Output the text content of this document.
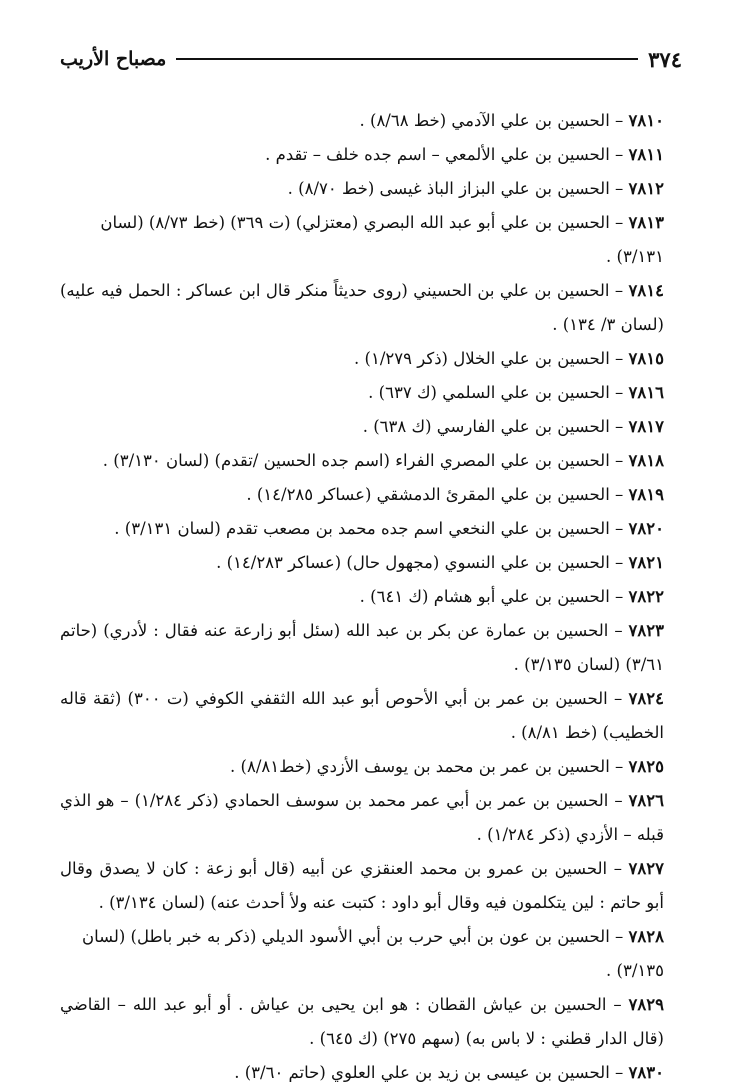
٣٧٤
مصباح الأريب

٧٨١٠ – الحسين بن علي الآدمي (خط ٨/٦٨) .

٧٨١١ – الحسين بن علي الألمعي – اسم جده خلف – تقدم .

٧٨١٢ – الحسين بن علي البزاز الباذ غيسى (خط ٨/٧٠) .

٧٨١٣ – الحسين بن علي أبو عبد الله البصري (معتزلي) (ت ٣٦٩) (خط ٨/٧٣) (لسان ٣/١٣١) .

٧٨١٤ – الحسين بن علي بن الحسيني (روى حديثاً منكر قال ابن عساكر : الحمل فيه عليه) (لسان ٣/ ١٣٤) .

٧٨١٥ – الحسين بن علي الخلال (ذكر ١/٢٧٩) .

٧٨١٦ – الحسين بن علي السلمي (ك ٦٣٧) .

٧٨١٧ – الحسين بن علي الفارسي (ك ٦٣٨) .

٧٨١٨ – الحسين بن علي المصري الفراء (اسم جده الحسين /تقدم) (لسان ٣/١٣٠) .

٧٨١٩ – الحسين بن علي المقرئ الدمشقي (عساكر ١٤/٢٨٥) .

٧٨٢٠ – الحسين بن علي النخعي اسم جده محمد بن مصعب تقدم (لسان ٣/١٣١) .

٧٨٢١ – الحسين بن علي النسوي (مجهول حال) (عساكر ١٤/٢٨٣) .

٧٨٢٢ – الحسين بن علي أبو هشام (ك ٦٤١) .

٧٨٢٣ – الحسين بن عمارة عن بكر بن عبد الله (سئل أبو زارعة عنه فقال : لأدري) (حاتم ٣/٦١) (لسان ٣/١٣٥) .

٧٨٢٤ – الحسين بن عمر بن أبي الأحوص أبو عبد الله الثقفي الكوفي (ت ٣٠٠) (ثقة قاله الخطيب) (خط ٨/٨١) .

٧٨٢٥ – الحسين بن عمر بن محمد بن يوسف الأزدي (خط٨/٨١) .

٧٨٢٦ – الحسين بن عمر بن أبي عمر محمد بن سوسف الحمادي (ذكر ١/٢٨٤) – هو الذي قبله – الأزدي (ذكر ١/٢٨٤) .

٧٨٢٧ – الحسين بن عمرو بن محمد العنقزي عن أبيه (قال أبو زعة : كان لا يصدق وقال أبو حاتم : لين يتكلمون فيه وقال أبو داود : كتبت عنه ولأ أحدث عنه) (لسان ٣/١٣٤) .

٧٨٢٨ – الحسين بن عون بن أبي حرب بن أبي الأسود الديلي (ذكر به خبر باطل) (لسان ٣/١٣٥) .

٧٨٢٩ – الحسين بن عياش القطان : هو ابن يحيى بن عياش . أو أبو عبد الله – القاضي (قال الدار قطني : لا باس به) (سهم ٢٧٥) (ك ٦٤٥) .

٧٨٣٠ – الحسين بن عيسى بن زيد بن علي العلوي (حاتم ٣/٦٠) .
